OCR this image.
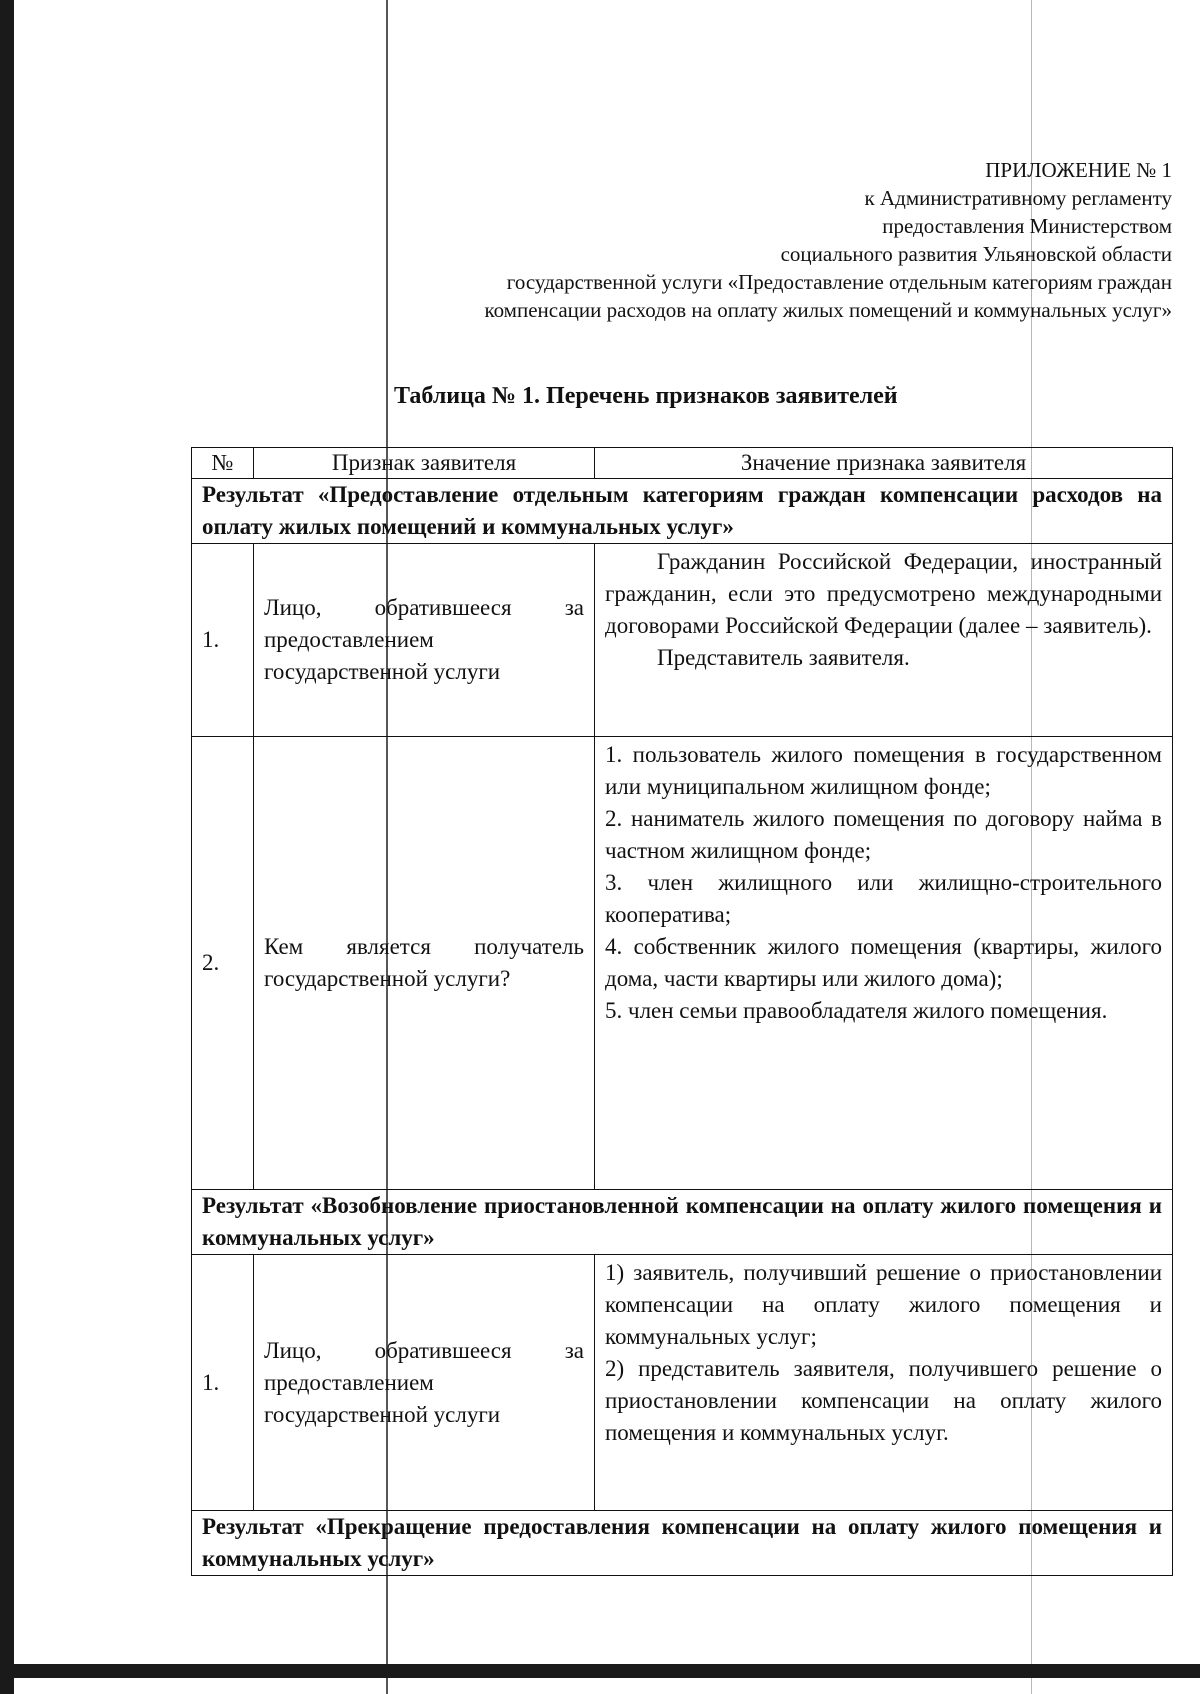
ПРИЛОЖЕНИЕ № 1
к Административному регламенту
предоставления Министерством
социального развития Ульяновской области
государственной услуги «Предоставление отдельным категориям граждан
компенсации расходов на оплату жилых помещений и коммунальных услуг»
Таблица № 1. Перечень признаков заявителей
№	Признак заявителя	Значение признака заявителя
Результат «Предоставление отдельным категориям граждан компенсации расходов на оплату жилых помещений и коммунальных услуг»		
1.	Лицо, обратившееся за предоставлением государственной услуги	Гражданин Российской Федерации, иностранный гражданин, если это предусмотрено международными договорами Российской Федерации (далее – заявитель).

Представитель заявителя.

2.	Кем является получатель государственной услуги?	1. пользователь жилого помещения в государственном или муниципальном жилищном фонде;

2. наниматель жилого помещения по договору найма в частном жилищном фонде;

3. член жилищного или жилищно-строительного кооператива;

4. собственник жилого помещения (квартиры, жилого дома, части квартиры или жилого дома);

5. член семьи правообладателя жилого помещения.

Результат «Возобновление приостановленной компенсации на оплату жилого помещения и коммунальных услуг»		
1.	Лицо, обратившееся за предоставлением государственной услуги	1) заявитель, получивший решение о приостановлении компенсации на оплату жилого помещения и коммунальных услуг;

2) представитель заявителя, получившего решение о приостановлении компенсации на оплату жилого помещения и коммунальных услуг.

Результат «Прекращение предоставления компенсации на оплату жилого помещения и коммунальных услуг»		
